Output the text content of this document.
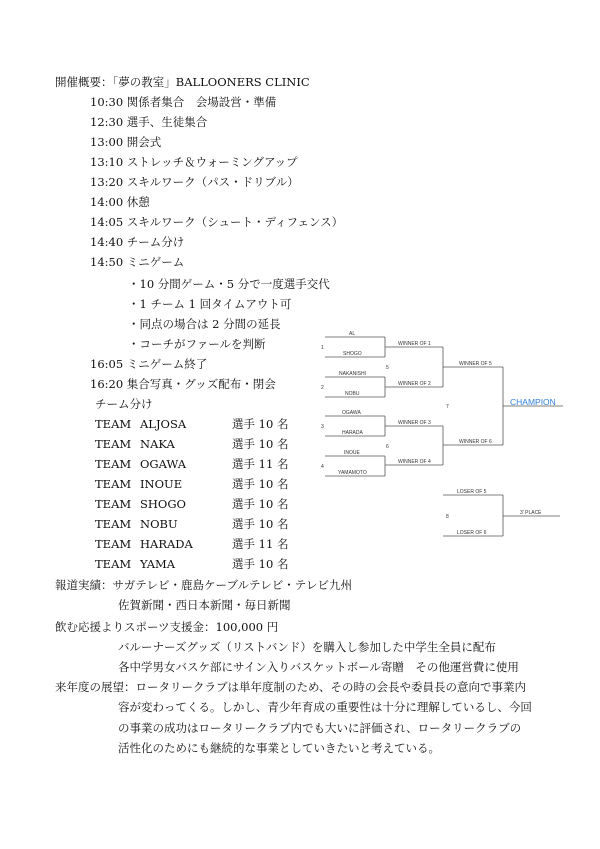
開催概要：「夢の教室」BALLOONERS CLINIC
10:30 関係者集合　会場設営・準備
12:30 選手、生徒集合
13:00 開会式
13:10 ストレッチ＆ウォーミングアップ
13:20 スキルワーク（パス・ドリブル）
14:00 休憩
14:05 スキルワーク（シュート・ディフェンス）
14:40 チーム分け
14:50 ミニゲーム
・10 分間ゲーム・5 分で一度選手交代
・1 チーム 1 回タイムアウト可
・同点の場合は 2 分間の延長
・コーチがファールを判断
16:05 ミニゲーム終了
16:20 集合写真・グッズ配布・閉会
チーム分け
TEAM ALJOSA	選手 10 名
TEAM NAKA	選手 10 名
TEAM OGAWA	選手 11 名
TEAM INOUE	選手 10 名
TEAM SHOGO	選手 10 名
TEAM NOBU	選手 10 名
TEAM HARADA	選手 11 名
TEAM YAMA	選手 10 名
報道実績：サガテレビ・鹿島ケーブルテレビ・テレビ九州
佐賀新聞・西日本新聞・毎日新聞
飲む応援よりスポーツ支援金：100,000 円
バルーナーズグッズ（リストバンド）を購入し参加した中学生全員に配布
各中学男女バスケ部にサイン入りバスケットボール寄贈　その他運営費に使用
来年度の展望：ロータリークラブは単年度制のため、その時の会長や委員長の意向で事業内
容が変わってくる。しかし、青少年育成の重要性は十分に理解しているし、今回
の事業の成功はロータリークラブ内でも大いに評価され、ロータリークラブの
活性化のためにも継続的な事業としていきたいと考えている。
AL
SHOGO
NAKANISHI
NOBU
OGAWA
HARADA
INOUE
YAMAMOTO
1
2
3
4
5
6
7
8
WINNER OF 1
WINNER OF 2
WINNER OF 3
WINNER OF 4
WINNER OF 5
WINNER OF 6
CHAMPION
LOSER OF 5
LOSER OF 6
3' PLACE
